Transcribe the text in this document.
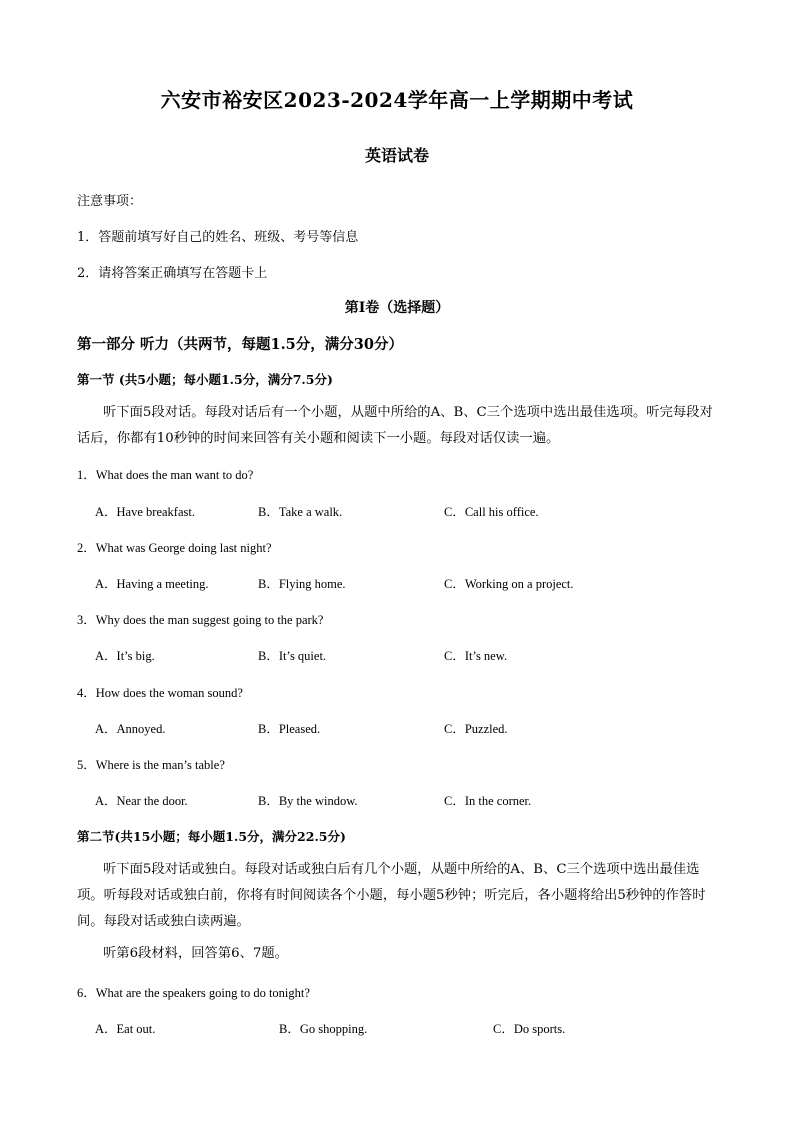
六安市裕安区2023-2024学年高一上学期期中考试
英语试卷
注意事项：
1．答题前填写好自己的姓名、班级、考号等信息
2．请将答案正确填写在答题卡上
第I卷（选择题）
第一部分 听力（共两节，每题1.5分，满分30分）
第一节 (共5小题；每小题1.5分，满分7.5分)
听下面5段对话。每段对话后有一个小题，从题中所给的A、B、C三个选项中选出最佳选项。听完每段对话后，你都有10秒钟的时间来回答有关小题和阅读下一小题。每段对话仅读一遍。
1．What does the man want to do?
A．Have breakfast.	B．Take a walk.	C．Call his office.
2．What was George doing last night?
A．Having a meeting.	B．Flying home.	C．Working on a project.
3．Why does the man suggest going to the park?
A．It’s big.	B．It’s quiet.	C．It’s new.
4．How does the woman sound?
A．Annoyed.	B．Pleased.	C．Puzzled.
5．Where is the man’s table?
A．Near the door.	B．By the window.	C．In the corner.
第二节(共15小题；每小题1.5分，满分22.5分)
听下面5段对话或独白。每段对话或独白后有几个小题，从题中所给的A、B、C三个选项中选出最佳选项。听每段对话或独白前，你将有时间阅读各个小题，每小题5秒钟；听完后，各小题将给出5秒钟的作答时间。每段对话或独白读两遍。
听第6段材料，回答第6、7题。
6．What are the speakers going to do tonight?
A．Eat out.	B．Go shopping.	C．Do sports.
